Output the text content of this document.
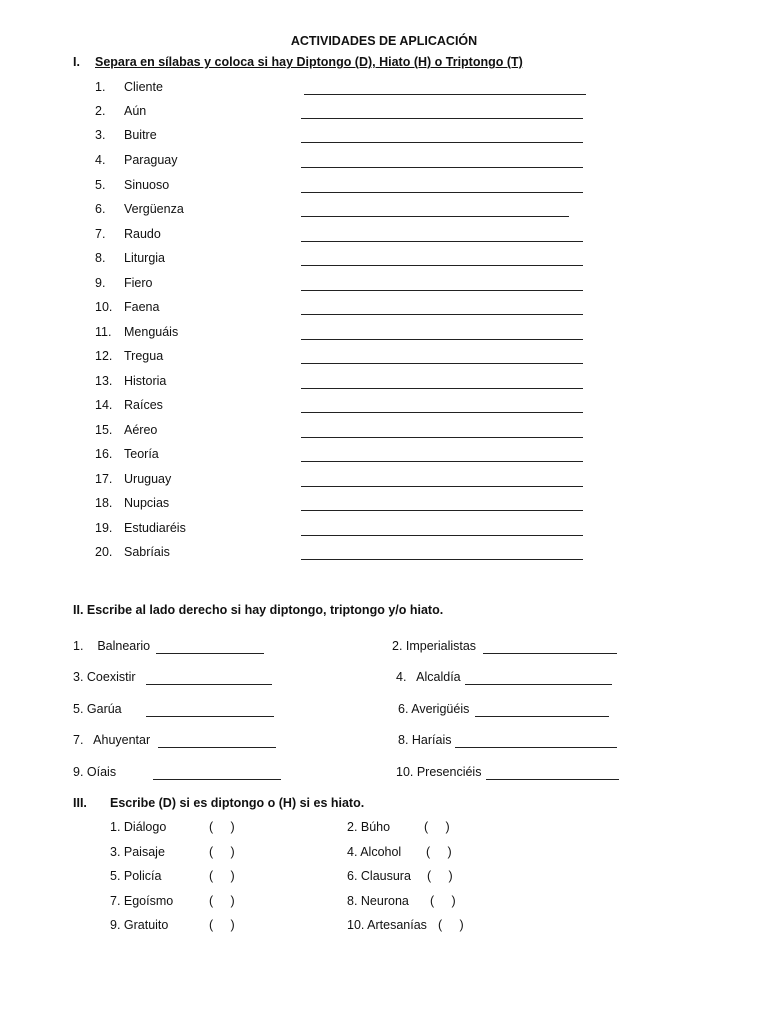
ACTIVIDADES DE APLICACIÓN
I. Separa en sílabas y coloca si hay Diptongo (D), Hiato (H) o Triptongo (T)
1. Cliente
2. Aún
3. Buitre
4. Paraguay
5. Sinuoso
6. Vergüenza
7. Raudo
8. Liturgia
9. Fiero
10. Faena
11. Menguáis
12. Tregua
13. Historia
14. Raíces
15. Aéreo
16. Teoría
17. Uruguay
18. Nupcias
19. Estudiaréis
20. Sabríais
II. Escribe al lado derecho si hay diptongo, triptongo y/o hiato.
1.    Balneario	2. Imperialistas
3. Coexistir	4.   Alcaldía
5. Garúa	6. Averigüéis
7.   Ahuyentar	8. Haríais
9. Oíais	10. Presenciéis
III. Escribe (D) si es diptongo o (H) si es hiato.
1. Diálogo	(     )	2. Búho	(     )
3. Paisaje	(     )	4. Alcohol (     )
5. Policía	(     )	6. Clausura (     )
7. Egoísmo	(     )	8. Neurona (     )
9. Gratuito	(     )	10. Artesanías (     )
